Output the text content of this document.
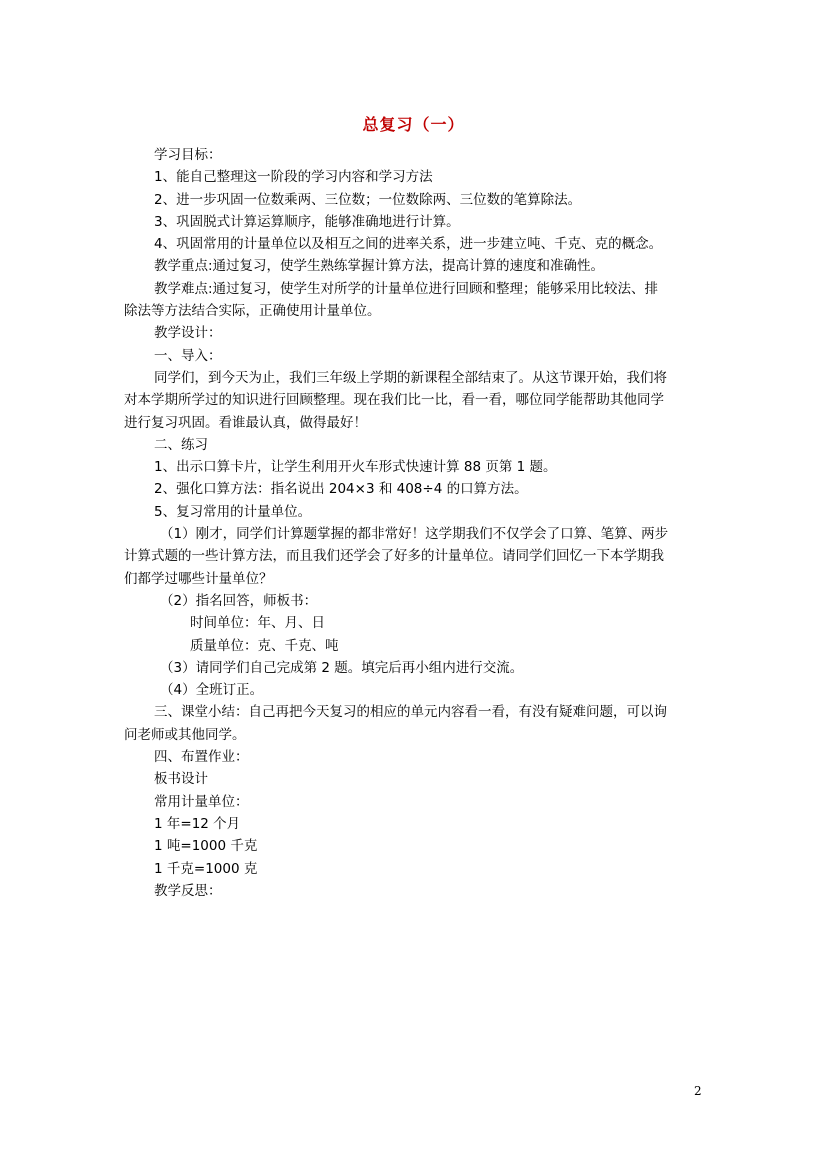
总复习（一）
学习目标：
1、能自己整理这一阶段的学习内容和学习方法
2、进一步巩固一位数乘两、三位数；一位数除两、三位数的笔算除法。
3、巩固脱式计算运算顺序，能够准确地进行计算。
4、巩固常用的计量单位以及相互之间的进率关系，进一步建立吨、千克、克的概念。
教学重点:通过复习，使学生熟练掌握计算方法，提高计算的速度和准确性。
教学难点:通过复习，使学生对所学的计量单位进行回顾和整理；能够采用比较法、排
除法等方法结合实际，正确使用计量单位。
教学设计：
一、导入：
同学们，到今天为止，我们三年级上学期的新课程全部结束了。从这节课开始，我们将
对本学期所学过的知识进行回顾整理。现在我们比一比，看一看，哪位同学能帮助其他同学
进行复习巩固。看谁最认真，做得最好！
二、练习
1、出示口算卡片，让学生利用开火车形式快速计算 88 页第 1 题。
2、强化口算方法：指名说出 204×3 和 408÷4 的口算方法。
5、复习常用的计量单位。
（1）刚才，同学们计算题掌握的都非常好！这学期我们不仅学会了口算、笔算、两步
计算式题的一些计算方法，而且我们还学会了好多的计量单位。请同学们回忆一下本学期我
们都学过哪些计量单位？
（2）指名回答，师板书：
时间单位：年、月、日
质量单位：克、千克、吨
（3）请同学们自己完成第 2 题。填完后再小组内进行交流。
（4）全班订正。
三、课堂小结：自己再把今天复习的相应的单元内容看一看，有没有疑难问题，可以询
问老师或其他同学。
四、布置作业：
板书设计
常用计量单位：
1 年=12 个月
1 吨=1000 千克
1 千克=1000 克
教学反思：
2
